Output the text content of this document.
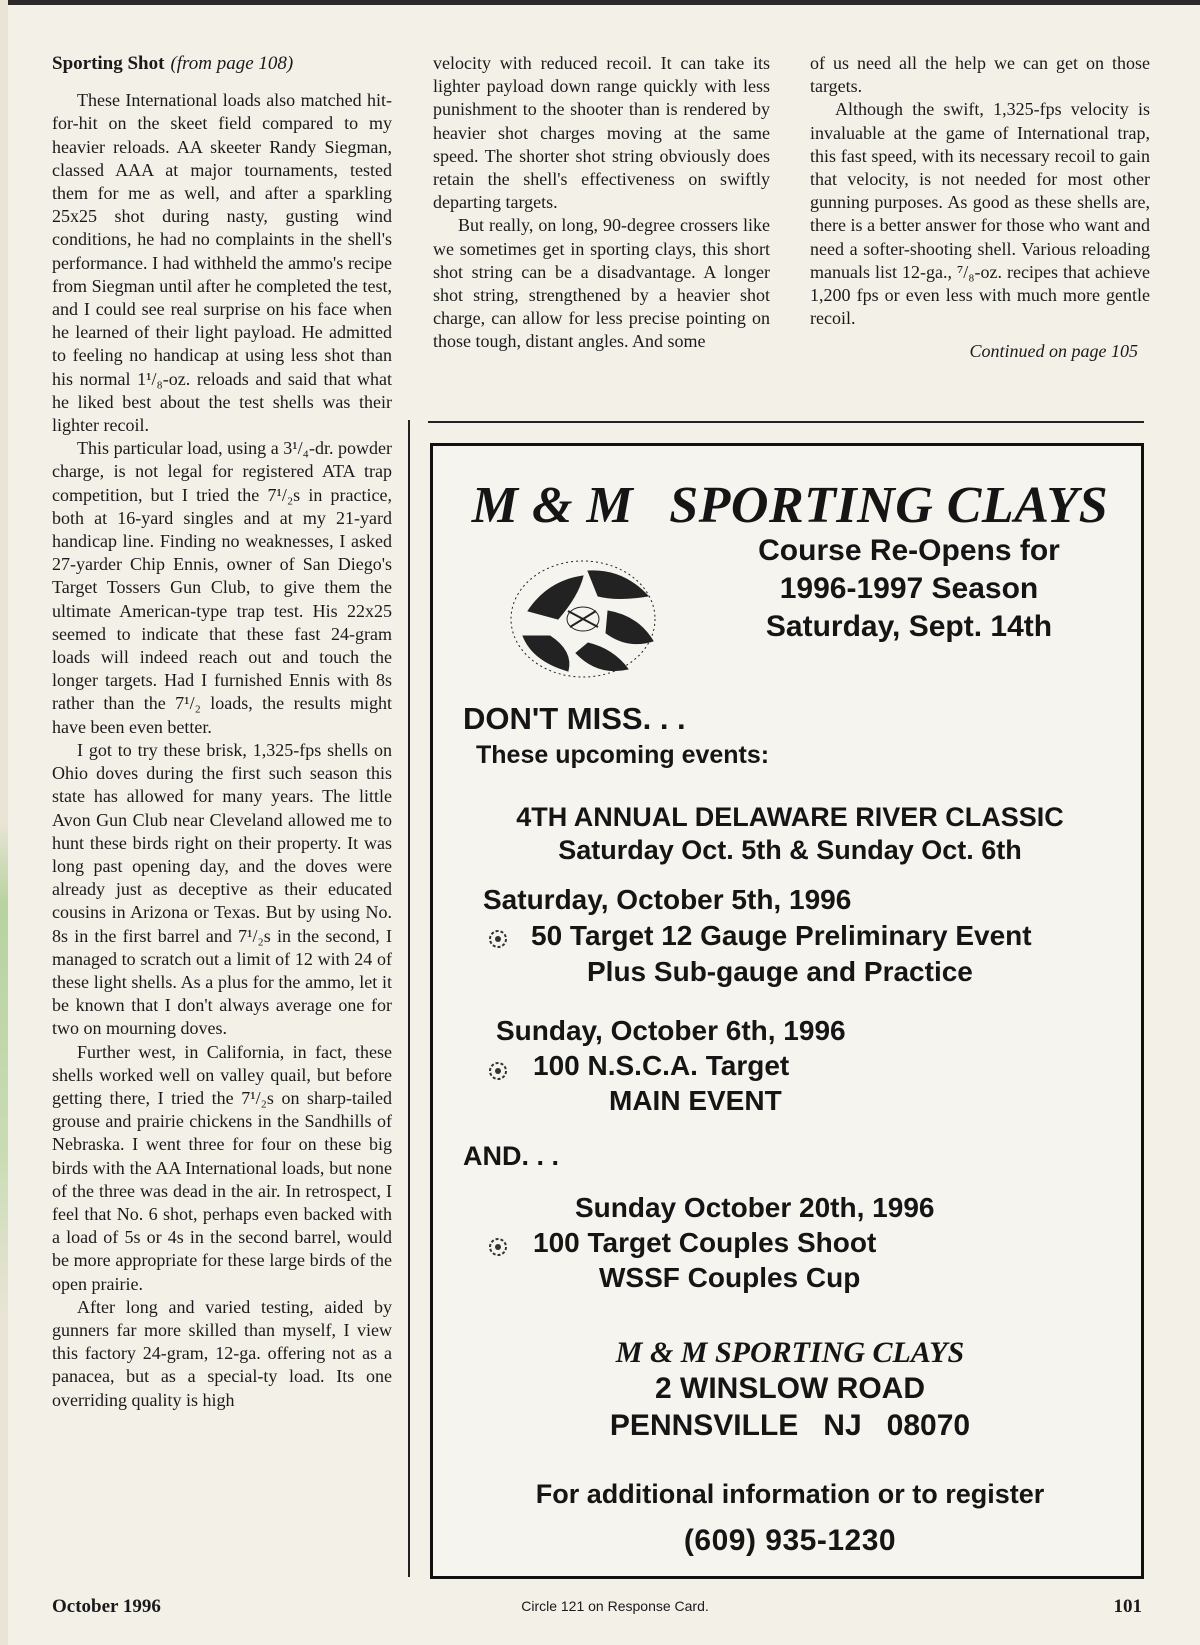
Sporting Shot (from page 108)

These International loads also matched hit-for-hit on the skeet field compared to my heavier reloads. AA skeeter Randy Siegman, classed AAA at major tournaments, tested them for me as well, and after a sparkling 25x25 shot during nasty, gusting wind conditions, he had no complaints in the shell's performance. I had withheld the ammo's recipe from Siegman until after he completed the test, and I could see real surprise on his face when he learned of their light payload. He admitted to feeling no handicap at using less shot than his normal 1¹/₈-oz. reloads and said that what he liked best about the test shells was their lighter recoil.

This particular load, using a 3¹/₄-dr. powder charge, is not legal for registered ATA trap competition, but I tried the 7¹/₂s in practice, both at 16-yard singles and at my 21-yard handicap line. Finding no weaknesses, I asked 27-yarder Chip Ennis, owner of San Diego's Target Tossers Gun Club, to give them the ultimate American-type trap test. His 22x25 seemed to indicate that these fast 24-gram loads will indeed reach out and touch the longer targets. Had I furnished Ennis with 8s rather than the 7¹/₂ loads, the results might have been even better.

I got to try these brisk, 1,325-fps shells on Ohio doves during the first such season this state has allowed for many years. The little Avon Gun Club near Cleveland allowed me to hunt these birds right on their property. It was long past opening day, and the doves were already just as deceptive as their educated cousins in Arizona or Texas. But by using No. 8s in the first barrel and 7¹/₂s in the second, I managed to scratch out a limit of 12 with 24 of these light shells. As a plus for the ammo, let it be known that I don't always average one for two on mourning doves.

Further west, in California, in fact, these shells worked well on valley quail, but before getting there, I tried the 7¹/₂s on sharp-tailed grouse and prairie chickens in the Sandhills of Nebraska. I went three for four on these big birds with the AA International loads, but none of the three was dead in the air. In retrospect, I feel that No. 6 shot, perhaps even backed with a load of 5s or 4s in the second barrel, would be more appropriate for these large birds of the open prairie.

After long and varied testing, aided by gunners far more skilled than myself, I view this factory 24-gram, 12-ga. offering not as a panacea, but as a special-ty load. Its one overriding quality is high

velocity with reduced recoil. It can take its lighter payload down range quickly with less punishment to the shooter than is rendered by heavier shot charges moving at the same speed. The shorter shot string obviously does retain the shell's effectiveness on swiftly departing targets.

But really, on long, 90-degree crossers like we sometimes get in sporting clays, this short shot string can be a disadvantage. A longer shot string, strengthened by a heavier shot charge, can allow for less precise pointing on those tough, distant angles. And some

of us need all the help we can get on those targets.

Although the swift, 1,325-fps velocity is invaluable at the game of International trap, this fast speed, with its necessary recoil to gain that velocity, is not needed for most other gunning purposes. As good as these shells are, there is a better answer for those who want and need a softer-shooting shell. Various reloading manuals list 12-ga., ⁷/₈-oz. recipes that achieve 1,200 fps or even less with much more gentle recoil.

Continued on page 105

M & M SPORTING CLAYS
Course Re-Opens for
1996-1997 Season
Saturday, Sept. 14th
DON'T MISS. . .
These upcoming events:
4TH ANNUAL DELAWARE RIVER CLASSIC
Saturday Oct. 5th & Sunday Oct. 6th
Saturday, October 5th, 1996
50 Target 12 Gauge Preliminary Event
Plus Sub-gauge and Practice
Sunday, October 6th, 1996
100 N.S.C.A. Target
MAIN EVENT
AND. . .
Sunday October 20th, 1996
100 Target Couples Shoot
WSSF Couples Cup
M & M SPORTING CLAYS
2 WINSLOW ROAD
PENNSVILLE   NJ   08070
For additional information or to register
(609) 935-1230
October 1996	Circle 121 on Response Card.	101
